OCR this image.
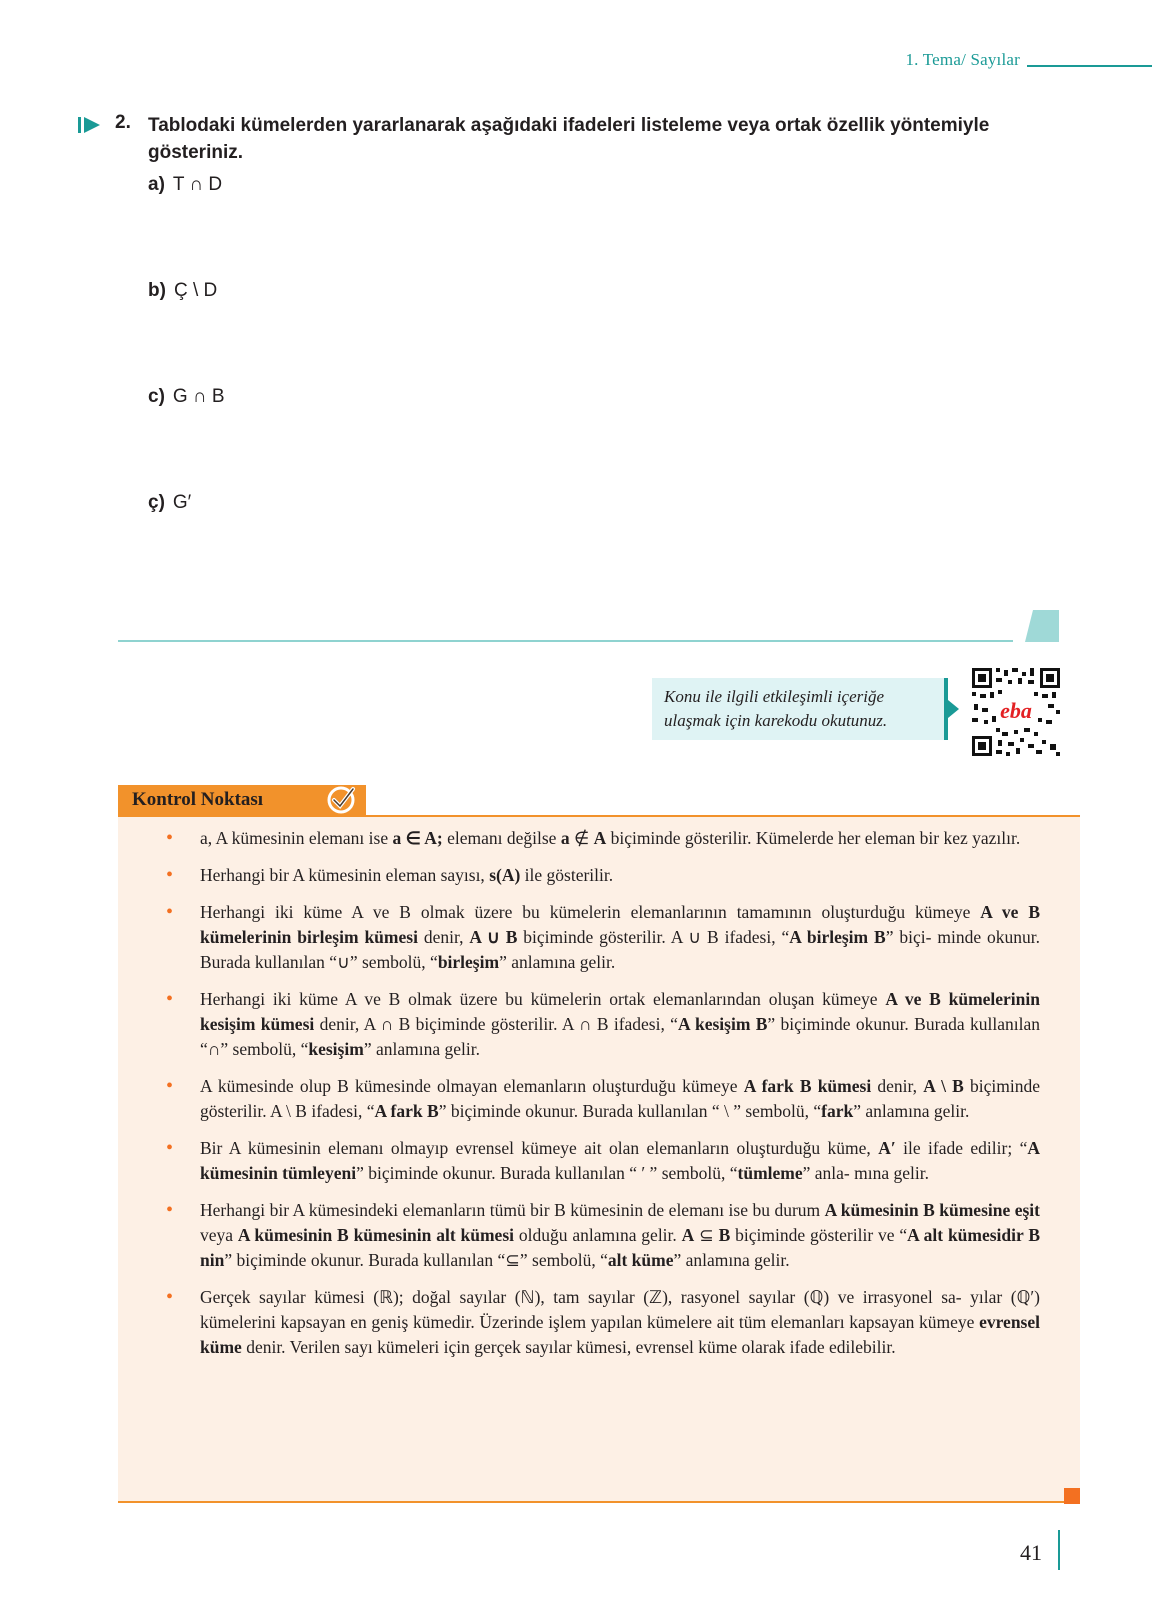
1. Tema/ Sayılar
2. Tablodaki kümelerden yararlanarak aşağıdaki ifadeleri listeleme veya ortak özellik yöntemiyle gösteriniz.
a) T ∩ D
b) Ç \ D
c) G ∩ B
ç) G′
Konu ile ilgili etkileşimli içeriğe ulaşmak için karekodu okutunuz.	eba
Kontrol Noktası
• a, A kümesinin elemanı ise a ∈ A; elemanı değilse a ∉ A biçiminde gösterilir. Kümelerde her eleman bir kez yazılır.
• Herhangi bir A kümesinin eleman sayısı, s(A) ile gösterilir.
• Herhangi iki küme A ve B olmak üzere bu kümelerin elemanlarının tamamının oluşturduğu kümeye A ve B kümelerinin birleşim kümesi denir, A ∪ B biçiminde gösterilir. A ∪ B ifadesi, “A birleşim B” biçi- minde okunur. Burada kullanılan “∪” sembolü, “birleşim” anlamına gelir.
• Herhangi iki küme A ve B olmak üzere bu kümelerin ortak elemanlarından oluşan kümeye A ve B kümelerinin kesişim kümesi denir, A ∩ B biçiminde gösterilir. A ∩ B ifadesi, “A kesişim B” biçiminde okunur. Burada kullanılan “∩” sembolü, “kesişim” anlamına gelir.
• A kümesinde olup B kümesinde olmayan elemanların oluşturduğu kümeye A fark B kümesi denir, A \ B biçiminde gösterilir. A \ B ifadesi, “A fark B” biçiminde okunur. Burada kullanılan “ \ ” sembolü, “fark” anlamına gelir.
• Bir A kümesinin elemanı olmayıp evrensel kümeye ait olan elemanların oluşturduğu küme, A′ ile ifade edilir; “A kümesinin tümleyeni” biçiminde okunur. Burada kullanılan “ ′ ” sembolü, “tümleme” anla- mına gelir.
• Herhangi bir A kümesindeki elemanların tümü bir B kümesinin de elemanı ise bu durum A kümesinin B kümesine eşit veya A kümesinin B kümesinin alt kümesi olduğu anlamına gelir. A ⊆ B biçiminde gösterilir ve “A alt kümesidir B nin” biçiminde okunur. Burada kullanılan “⊆” sembolü, “alt küme” anlamına gelir.
• Gerçek sayılar kümesi (ℝ); doğal sayılar (ℕ), tam sayılar (ℤ), rasyonel sayılar (ℚ) ve irrasyonel sa- yılar (ℚ′) kümelerini kapsayan en geniş kümedir. Üzerinde işlem yapılan kümelere ait tüm elemanları kapsayan kümeye evrensel küme denir. Verilen sayı kümeleri için gerçek sayılar kümesi, evrensel küme olarak ifade edilebilir.
41
